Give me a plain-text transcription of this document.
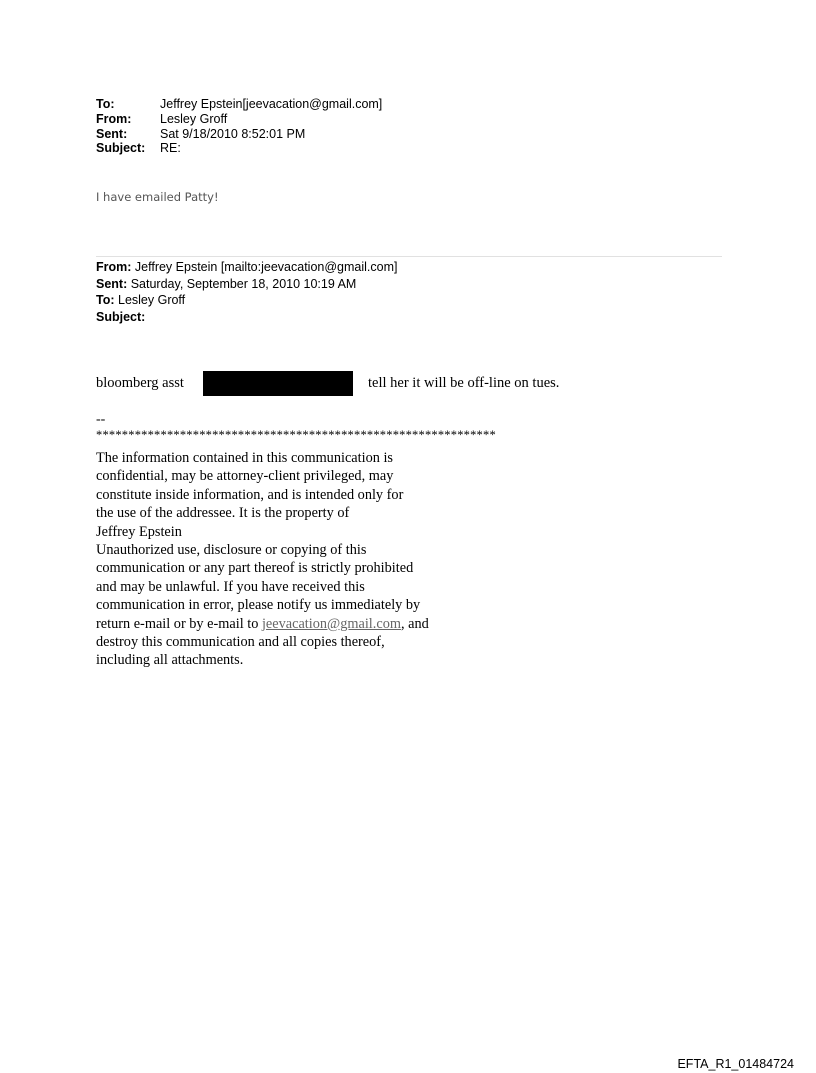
To:	Jeffrey Epstein[jeevacation@gmail.com]
From:	Lesley Groff
Sent:	Sat 9/18/2010 8:52:01 PM
Subject:	RE:
I have emailed Patty!
From: Jeffrey Epstein [mailto:jeevacation@gmail.com]
Sent: Saturday, September 18, 2010 10:19 AM
To: Lesley Groff
Subject:
bloomberg asst	tell her it will be off-line on tues.
--
**************************************************************
The information contained in this communication is
confidential, may be attorney-client privileged, may
constitute inside information, and is intended only for
the use of the addressee. It is the property of
Jeffrey Epstein
Unauthorized use, disclosure or copying of this
communication or any part thereof is strictly prohibited
and may be unlawful. If you have received this
communication in error, please notify us immediately by
return e-mail or by e-mail to jeevacation@gmail.com, and
destroy this communication and all copies thereof,
including all attachments.
EFTA_R1_01484724
